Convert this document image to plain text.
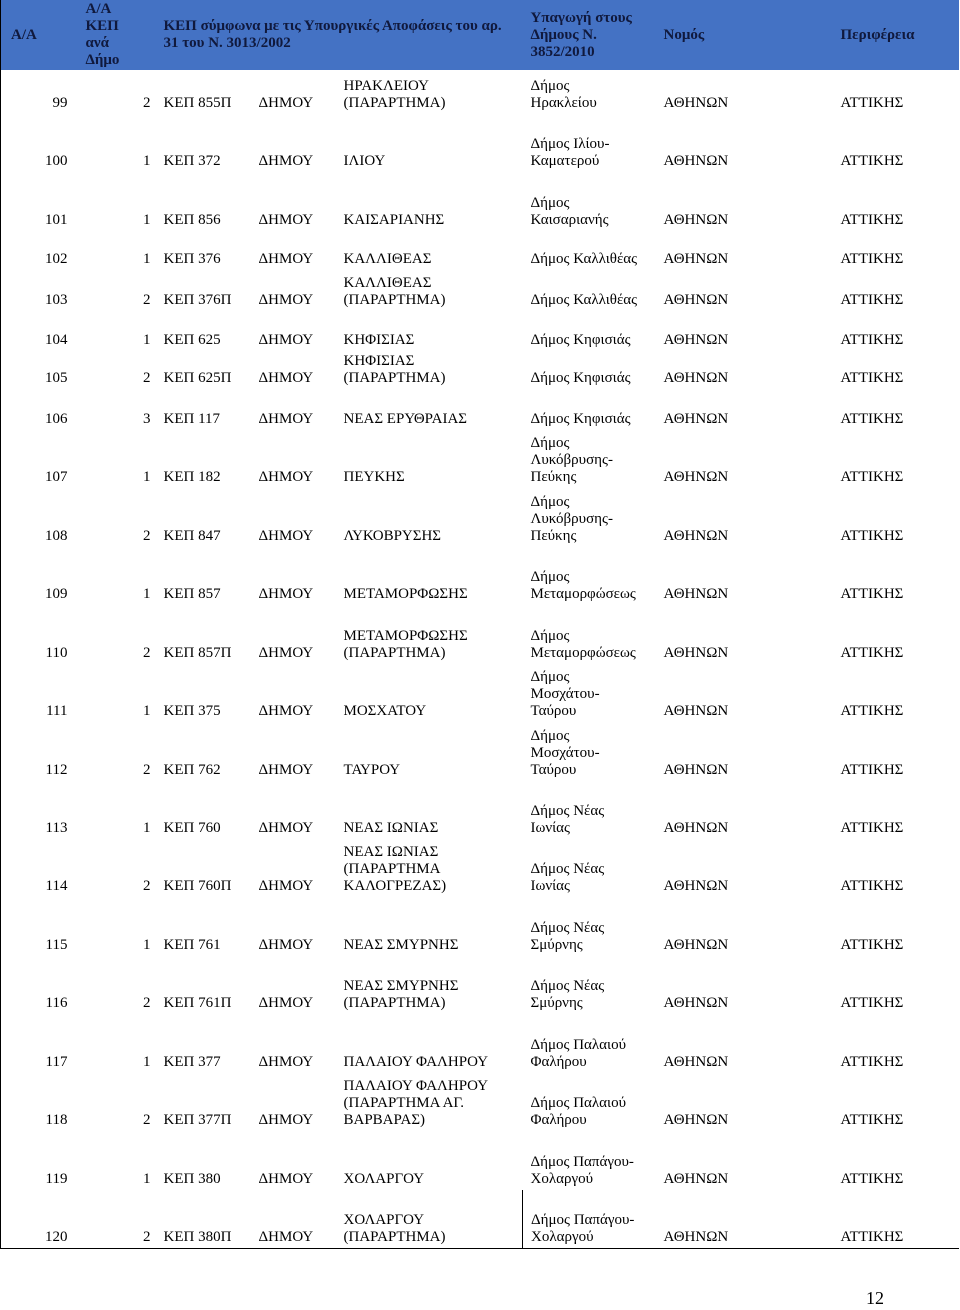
Α/Α	Α/Α
ΚΕΠ
ανά
Δήμο	ΚΕΠ σύμφωνα με τις Υπουργικές Αποφάσεις του αρ.
31 του Ν. 3013/2002			Υπαγωγή στους
Δήμους Ν.
3852/2010	Νομός	Περιφέρεια
99	2	ΚΕΠ 855Π	ΔΗΜΟΥ	ΗΡΑΚΛΕΙΟΥ
(ΠΑΡΑΡΤΗΜΑ)	Δήμος
Ηρακλείου	ΑΘΗΝΩΝ	ΑΤΤΙΚΗΣ
100	1	ΚΕΠ 372	ΔΗΜΟΥ	ΙΛΙΟΥ	Δήμος Ιλίου-
Καματερού	ΑΘΗΝΩΝ	ΑΤΤΙΚΗΣ
101	1	ΚΕΠ 856	ΔΗΜΟΥ	ΚΑΙΣΑΡΙΑΝΗΣ	Δήμος
Καισαριανής	ΑΘΗΝΩΝ	ΑΤΤΙΚΗΣ
102	1	ΚΕΠ 376	ΔΗΜΟΥ	ΚΑΛΛΙΘΕΑΣ	Δήμος Καλλιθέας	ΑΘΗΝΩΝ	ΑΤΤΙΚΗΣ
103	2	ΚΕΠ 376Π	ΔΗΜΟΥ	ΚΑΛΛΙΘΕΑΣ
(ΠΑΡΑΡΤΗΜΑ)	Δήμος Καλλιθέας	ΑΘΗΝΩΝ	ΑΤΤΙΚΗΣ
104	1	ΚΕΠ 625	ΔΗΜΟΥ	ΚΗΦΙΣΙΑΣ	Δήμος Κηφισιάς	ΑΘΗΝΩΝ	ΑΤΤΙΚΗΣ
105	2	ΚΕΠ 625Π	ΔΗΜΟΥ	ΚΗΦΙΣΙΑΣ
(ΠΑΡΑΡΤΗΜΑ)	Δήμος Κηφισιάς	ΑΘΗΝΩΝ	ΑΤΤΙΚΗΣ
106	3	ΚΕΠ 117	ΔΗΜΟΥ	ΝΕΑΣ ΕΡΥΘΡΑΙΑΣ	Δήμος Κηφισιάς	ΑΘΗΝΩΝ	ΑΤΤΙΚΗΣ
107	1	ΚΕΠ 182	ΔΗΜΟΥ	ΠΕΥΚΗΣ	Δήμος
Λυκόβρυσης-
Πεύκης	ΑΘΗΝΩΝ	ΑΤΤΙΚΗΣ
108	2	ΚΕΠ 847	ΔΗΜΟΥ	ΛΥΚΟΒΡΥΣΗΣ	Δήμος
Λυκόβρυσης-
Πεύκης	ΑΘΗΝΩΝ	ΑΤΤΙΚΗΣ
109	1	ΚΕΠ 857	ΔΗΜΟΥ	ΜΕΤΑΜΟΡΦΩΣΗΣ	Δήμος
Μεταμορφώσεως	ΑΘΗΝΩΝ	ΑΤΤΙΚΗΣ
110	2	ΚΕΠ 857Π	ΔΗΜΟΥ	ΜΕΤΑΜΟΡΦΩΣΗΣ
(ΠΑΡΑΡΤΗΜΑ)	Δήμος
Μεταμορφώσεως	ΑΘΗΝΩΝ	ΑΤΤΙΚΗΣ
111	1	ΚΕΠ 375	ΔΗΜΟΥ	ΜΟΣΧΑΤΟΥ	Δήμος
Μοσχάτου-
Ταύρου	ΑΘΗΝΩΝ	ΑΤΤΙΚΗΣ
112	2	ΚΕΠ 762	ΔΗΜΟΥ	ΤΑΥΡΟΥ	Δήμος
Μοσχάτου-
Ταύρου	ΑΘΗΝΩΝ	ΑΤΤΙΚΗΣ
113	1	ΚΕΠ 760	ΔΗΜΟΥ	ΝΕΑΣ ΙΩΝΙΑΣ	Δήμος Νέας
Ιωνίας	ΑΘΗΝΩΝ	ΑΤΤΙΚΗΣ
114	2	ΚΕΠ 760Π	ΔΗΜΟΥ	ΝΕΑΣ ΙΩΝΙΑΣ
(ΠΑΡΑΡΤΗΜΑ
ΚΑΛΟΓΡΕΖΑΣ)	Δήμος Νέας
Ιωνίας	ΑΘΗΝΩΝ	ΑΤΤΙΚΗΣ
115	1	ΚΕΠ 761	ΔΗΜΟΥ	ΝΕΑΣ ΣΜΥΡΝΗΣ	Δήμος Νέας
Σμύρνης	ΑΘΗΝΩΝ	ΑΤΤΙΚΗΣ
116	2	ΚΕΠ 761Π	ΔΗΜΟΥ	ΝΕΑΣ ΣΜΥΡΝΗΣ
(ΠΑΡΑΡΤΗΜΑ)	Δήμος Νέας
Σμύρνης	ΑΘΗΝΩΝ	ΑΤΤΙΚΗΣ
117	1	ΚΕΠ 377	ΔΗΜΟΥ	ΠΑΛΑΙΟΥ ΦΑΛΗΡΟΥ	Δήμος Παλαιού
Φαλήρου	ΑΘΗΝΩΝ	ΑΤΤΙΚΗΣ
118	2	ΚΕΠ 377Π	ΔΗΜΟΥ	ΠΑΛΑΙΟΥ ΦΑΛΗΡΟΥ
(ΠΑΡΑΡΤΗΜΑ ΑΓ.
ΒΑΡΒΑΡΑΣ)	Δήμος Παλαιού
Φαλήρου	ΑΘΗΝΩΝ	ΑΤΤΙΚΗΣ
119	1	ΚΕΠ 380	ΔΗΜΟΥ	ΧΟΛΑΡΓΟΥ	Δήμος Παπάγου-
Χολαργού	ΑΘΗΝΩΝ	ΑΤΤΙΚΗΣ
120	2	ΚΕΠ 380Π	ΔΗΜΟΥ	ΧΟΛΑΡΓΟΥ
(ΠΑΡΑΡΤΗΜΑ)	Δήμος Παπάγου-
Χολαργού	ΑΘΗΝΩΝ	ΑΤΤΙΚΗΣ
12
